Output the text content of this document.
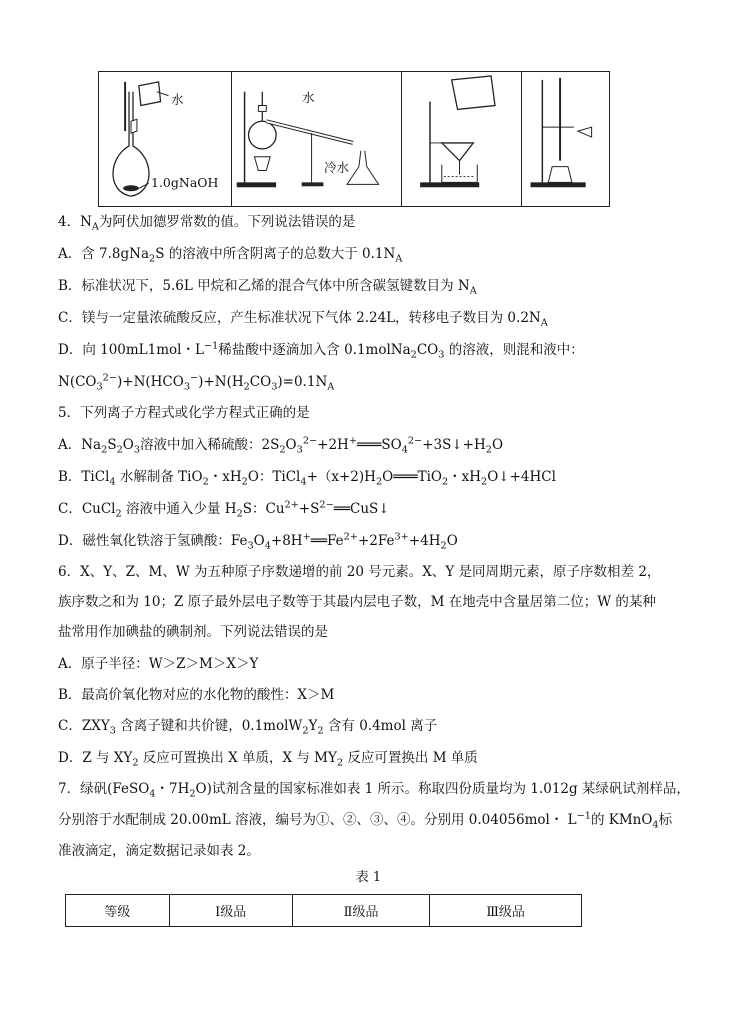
水
1.0gNaOH
水
冷水
4．$N_A$为阿伏加德罗常数的值。下列说法错误的是
A．含 7.8gNa$_2$S 的溶液中所含阴离子的总数大于 $0.1N_A$
B．标准状况下，5.6L 甲烷和乙烯的混合气体中所含碳氢键数目为 $N_A$
C．镁与一定量浓硫酸反应，产生标准状况下气体 2.24L，转移电子数目为 $0.2N_A$
D．向 100mL1mol・$L^{-1}$稀盐酸中逐滴加入含 $0.1molNa_2CO_3$ 的溶液，则混和液中：
$N(CO_3^{2-})+N(HCO_3^-)+N(H_2CO_3)=0.1N_A$
5．下列离子方程式或化学方程式正确的是
A．$Na_2S_2O_3$溶液中加入稀硫酸：$2S_2O_3^{2-}+2H^+═══SO_4^{2-}+3S↓+H_2O$
B．TiCl$_4$ 水解制备 TiO$_2$・$xH_2O$：$TiCl_4+(x+2)H_2O═══TiO_2$・$xH_2O↓+4HCl$
C．CuCl$_2$ 溶液中通入少量 $H_2S$：$Cu^{2+}+S^{2-}══CuS↓$
D．磁性氧化铁溶于氢碘酸：$Fe_3O_4+8H^+══Fe^{2+}+2Fe^{3+}+4H_2O$
6．X、Y、Z、M、W 为五种原子序数递增的前 20 号元素。X、Y 是同周期元素，原子序数相差 2，
族序数之和为 10；Z 原子最外层电子数等于其最内层电子数，M 在地壳中含量居第二位；W 的某种
盐常用作加碘盐的碘制剂。下列说法错误的是
A．原子半径：W＞Z＞M＞X＞Y
B．最高价氧化物对应的水化物的酸性：X＞M
C．$ZXY_3$ 含离子键和共价键，$0.1molW_2Y_2$ 含有 0.4mol 离子
D．Z 与 $XY_2$ 反应可置换出 X 单质，X 与 $MY_2$ 反应可置换出 M 单质
7．绿矾(FeSO$_4$・$7H_2O$)试剂含量的国家标准如表 1 所示。称取四份质量均为 1.012g 某绿矾试剂样品，
分别溶于水配制成 20.00mL 溶液，编号为①、②、③、④。分别用 0.04056mol・ $L^{-1}$的 KMnO$_4$标
准液滴定，滴定数据记录如表 2。
表 1
等级	Ⅰ级品	Ⅱ级品	Ⅲ级品
